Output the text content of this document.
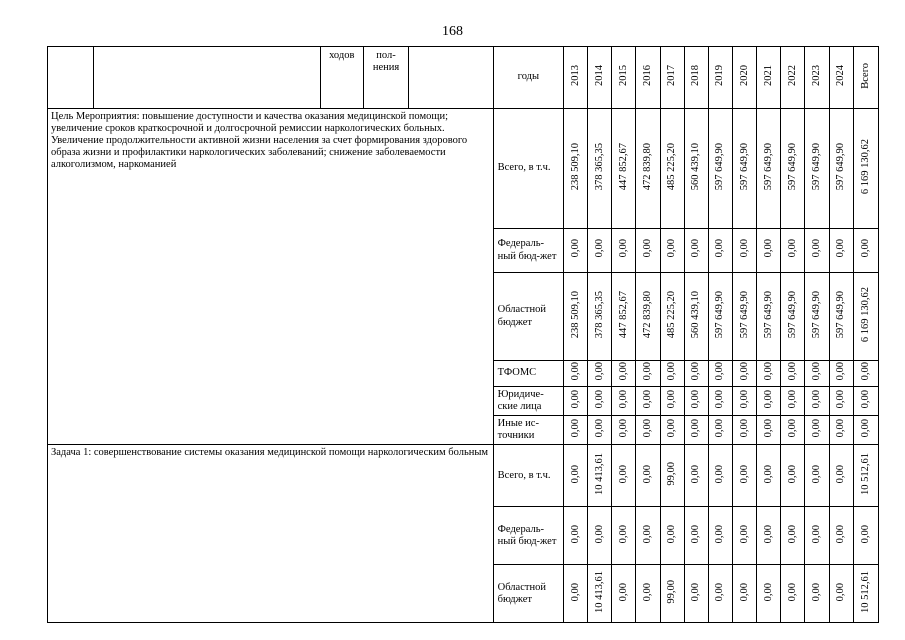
168
		ходов	пол-
нения		годы	2013	2014	2015	2016	2017	2018	2019	2020	2021	2022	2023	2024	Всего
Цель Мероприятия: повышение доступности и качества оказания медицинской помощи; увеличение сроков краткосрочной и долгосрочной ремиссии наркологических больных. Увеличение продолжительности активной жизни населения за счет формирования здорового образа жизни и профилактики наркологических заболеваний; снижение заболеваемости алкоголизмом, наркоманией					Всего, в т.ч.	238 509,10	378 365,35	447 852,67	472 839,80	485 225,20	560 439,10	597 649,90	597 649,90	597 649,90	597 649,90	597 649,90	597 649,90	6 169 130,62
					Федераль-ный бюд-жет	0,00	0,00	0,00	0,00	0,00	0,00	0,00	0,00	0,00	0,00	0,00	0,00	0,00
					Областной бюджет	238 509,10	378 365,35	447 852,67	472 839,80	485 225,20	560 439,10	597 649,90	597 649,90	597 649,90	597 649,90	597 649,90	597 649,90	6 169 130,62
					ТФОМС	0,00	0,00	0,00	0,00	0,00	0,00	0,00	0,00	0,00	0,00	0,00	0,00	0,00
					Юридиче-ские лица	0,00	0,00	0,00	0,00	0,00	0,00	0,00	0,00	0,00	0,00	0,00	0,00	0,00
					Иные ис-точники	0,00	0,00	0,00	0,00	0,00	0,00	0,00	0,00	0,00	0,00	0,00	0,00	0,00
Задача 1: совершенствование системы оказания медицинской помощи наркологическим больным					Всего, в т.ч.	0,00	10 413,61	0,00	0,00	99,00	0,00	0,00	0,00	0,00	0,00	0,00	0,00	10 512,61
					Федераль-ный бюд-жет	0,00	0,00	0,00	0,00	0,00	0,00	0,00	0,00	0,00	0,00	0,00	0,00	0,00
					Областной бюджет	0,00	10 413,61	0,00	0,00	99,00	0,00	0,00	0,00	0,00	0,00	0,00	0,00	10 512,61
